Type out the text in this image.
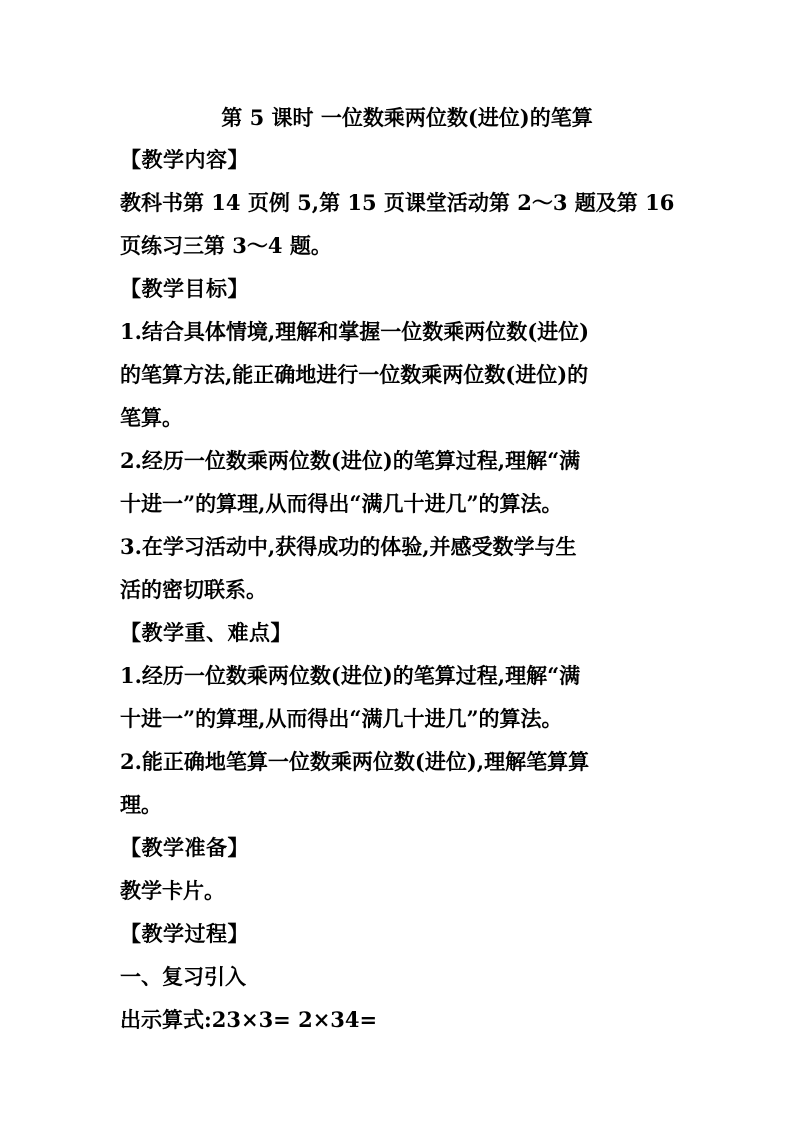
第 5 课时 一位数乘两位数(进位)的笔算

【教学内容】

教科书第 14 页例 5,第 15 页课堂活动第 2～3 题及第 16

页练习三第 3～4 题。

【教学目标】

1.结合具体情境,理解和掌握一位数乘两位数(进位)

的笔算方法,能正确地进行一位数乘两位数(进位)的

笔算。

2.经历一位数乘两位数(进位)的笔算过程,理解“满

十进一”的算理,从而得出“满几十进几”的算法。

3.在学习活动中,获得成功的体验,并感受数学与生

活的密切联系。

【教学重、难点】

1.经历一位数乘两位数(进位)的笔算过程,理解“满

十进一”的算理,从而得出“满几十进几”的算法。

2.能正确地笔算一位数乘两位数(进位),理解笔算算

理。

【教学准备】

教学卡片。

【教学过程】

一、复习引入

出示算式:23×3= 2×34=
